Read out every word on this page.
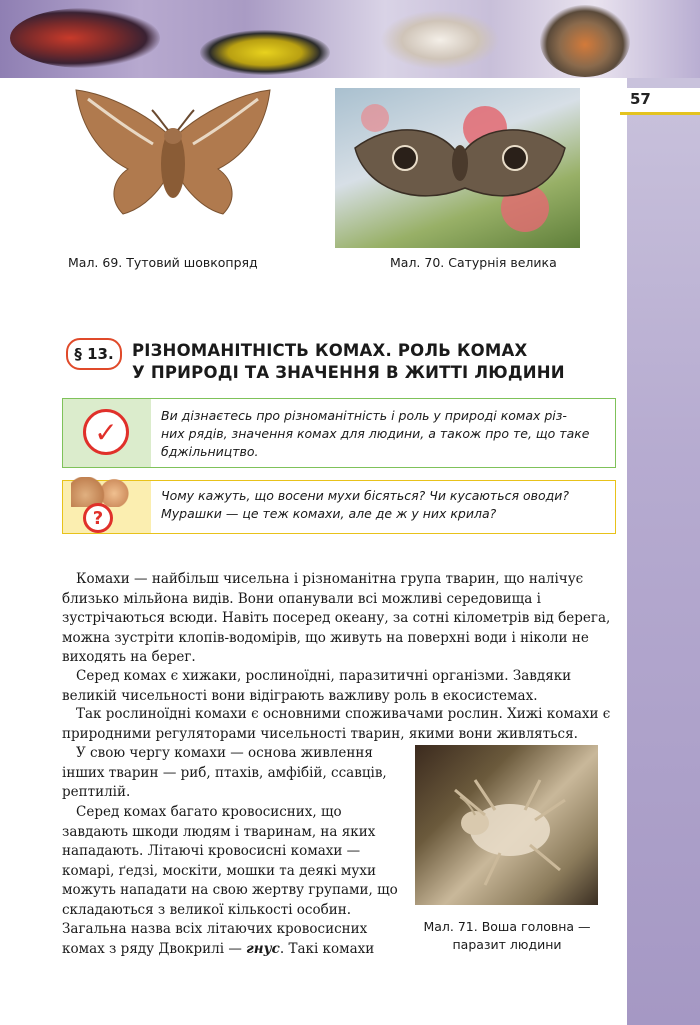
57
Мал. 69. Тутовий шовкопряд	Мал. 70. Сатурнія велика
§ 13.	РІЗНОМАНІТНІСТЬ КОМАХ. РОЛЬ КОМАХ
У ПРИРОДІ ТА ЗНАЧЕННЯ В ЖИТТІ ЛЮДИНИ
✓	Ви дізнаєтесь про різноманітність і роль у природі комах різ-
них рядів, значення комах для людини, а також про те, що таке
бджільництво.
?
Чому кажуть, що восени мухи бісяться? Чи кусаються оводи?
Мурашки — це теж комахи, але де ж у них крила?

Комахи — найбільш чисельна і різноманітна група тварин, що налічує близько мільйона видів. Вони опанували всі можливі середовища і зустрічаються всюди. Навіть посеред океану, за сотні кілометрів від берега, можна зустріти клопів-водомірів, що живуть на поверхні води і ніколи не виходять на берег.

Серед комах є хижаки, рослиноїдні, паразитичні організми. Завдяки великій чисельності вони відіграють важливу роль в екосистемах.

Так рослиноїдні комахи є основними споживачами рослин. Хижі комахи є природними регуляторами чисельності тварин, якими вони живляться.

У свою чергу комахи — основа живлення інших тварин — риб, птахів, амфібій, ссавців, рептилій.

Серед комах багато кровосисних, що завдають шкоди людям і тваринам, на яких нападають. Літаючі кровосисні комахи — комарі, ґедзі, москіти, мошки та деякі мухи можуть нападати на свою жертву групами, що складаються з великої кількості особин. Загальна назва всіх літаючих кровосисних комах з ряду Двокрилі — гнус. Такі комахи

Мал. 71. Воша головна —
паразит людини
